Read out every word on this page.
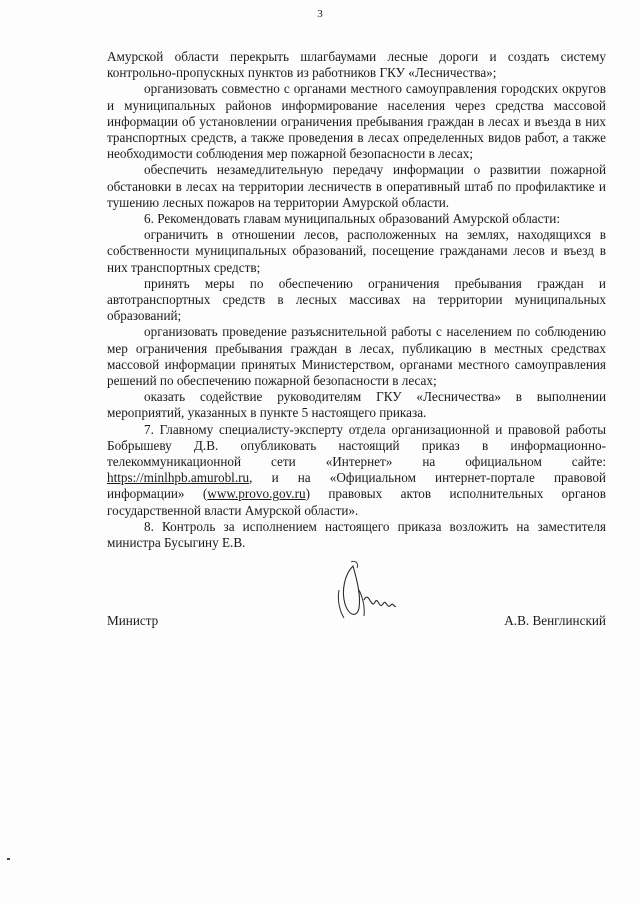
3

Амурской области перекрыть шлагбаумами лесные дороги и создать систему контрольно-пропускных пунктов из работников ГКУ «Лесничества»;

организовать совместно с органами местного самоуправления городских округов и муниципальных районов информирование населения через средства массовой информации об установлении ограничения пребывания граждан в лесах и въезда в них транспортных средств, а также проведения в лесах определенных видов работ, а также необходимости соблюдения мер пожарной безопасности в лесах;

обеспечить незамедлительную передачу информации о развитии пожарной обстановки в лесах на территории лесничеств в оперативный штаб по профилактике и тушению лесных пожаров на территории Амурской области.

6. Рекомендовать главам муниципальных образований Амурской области:

ограничить в отношении лесов, расположенных на землях, находящихся в собственности муниципальных образований, посещение гражданами лесов и въезд в них транспортных средств;

принять меры по обеспечению ограничения пребывания граждан и автотранспортных средств в лесных массивах на территории муниципальных образований;

организовать проведение разъяснительной работы с населением по соблюдению мер ограничения пребывания граждан в лесах, публикацию в местных средствах массовой информации принятых Министерством, органами местного самоуправления решений по обеспечению пожарной безопасности в лесах;

оказать содействие руководителям ГКУ «Лесничества» в выполнении мероприятий, указанных в пункте 5 настоящего приказа.

7. Главному специалисту-эксперту отдела организационной и правовой работы Бобрышеву Д.В. опубликовать настоящий приказ в информационно-телекоммуникационной сети «Интернет» на официальном сайте: https://minlhpb.amurobl.ru, и на «Официальном интернет-портале правовой информации» (www.provo.gov.ru) правовых актов исполнительных органов государственной власти Амурской области».

8. Контроль за исполнением настоящего приказа возложить на заместителя министра Бусыгину Е.В.

Министр	А.В. Венглинский
